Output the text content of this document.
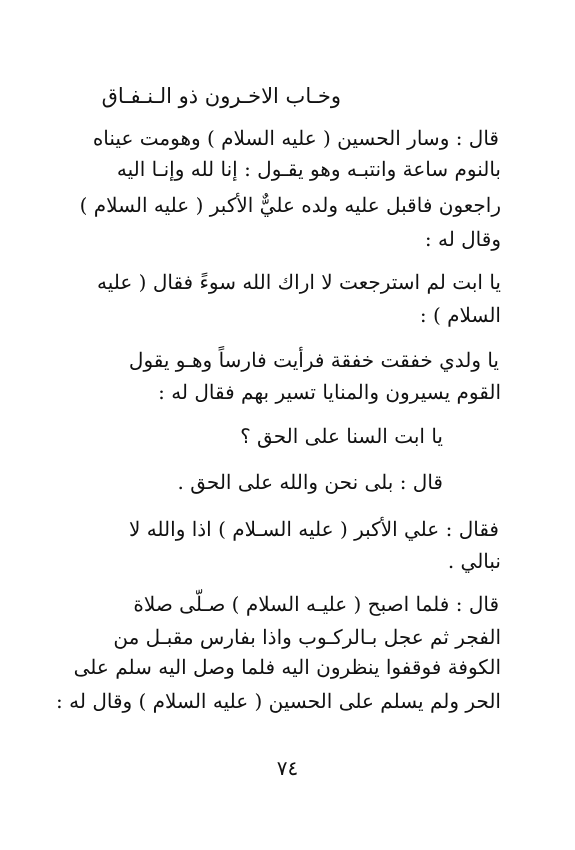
وخـاب الاخـرون ذو الـنـفـاق
قال : وسار الحسين ( عليه السلام ) وهومت عيناه
بالنوم ساعة وانتبـه وهو يقـول : إنا لله وإنـا اليه
راجعون فاقبل عليه ولده عليٌّ الأكبر ( عليه السلام )
وقال له :
يا ابت لم استرجعت لا اراك الله سوءً فقال ( عليه
السلام ) :
يا ولدي خفقت خفقة فرأيت فارساً وهـو يقول
القوم يسيرون والمنايا تسير بهم فقال له :
يا ابت السنا على الحق ؟
قال : بلى نحن والله على الحق .
فقال : علي الأكبر ( عليه السـلام ) اذا والله لا
نبالي .
قال : فلما اصبح ( عليـه السلام ) صـلّى صلاة
الفجر ثم عجل بـالركـوب واذا بفارس مقبـل من
الكوفة فوقفوا ينظرون اليه فلما وصل اليه سلم على
الحر ولم يسلم على الحسين ( عليه السلام ) وقال له :
٧٤
